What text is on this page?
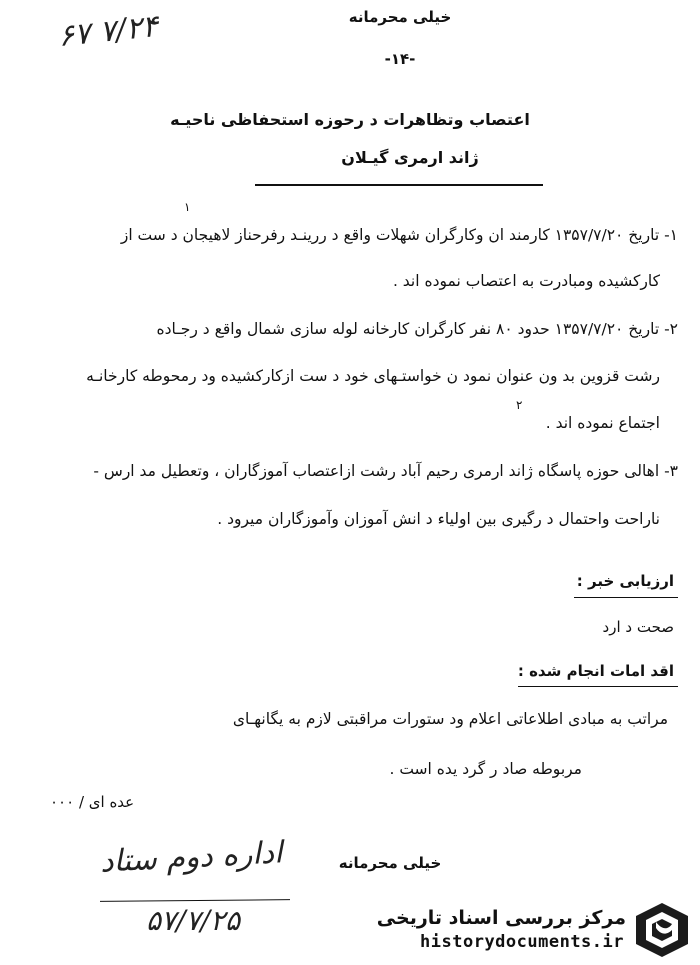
خیلی محرمانه
-۱۴-
اعتصاب وتظاهرات د رحوزه استحفاظی ناحیـه
ژاند ارمری گیـلان
۶۷ ۷/۲۴
۱
۱- تاریخ ۱۳۵۷/۷/۲۰ کارمند ان وکارگران شهلات واقع د ررینـد رفرحناز لاهیجان د ست از
کارکشیده ومبادرت به اعتصاب نموده اند .
۲- تاریخ ۱۳۵۷/۷/۲۰ حدود ۸۰ نفر کارگران کارخانه لوله سازی شمال واقع د رجـاده
رشت قزوین بد ون عنوان نمود ن خواستـهای خود د ست ازکارکشیده ود رمحوطه کارخانـه
۲
اجتماع نموده اند .
۳- اهالی حوزه پاسگاه ژاند ارمری رحیم آباد رشت ازاعتصاب آموزگاران ، وتعطیل مد ارس -
ناراحت واحتمال د رگیری بین اولیاء د انش آموزان وآموزگاران میرود .
ارزیابی خبر :
صحت د ارد
اقد امات انجام شده :
مراتب به مبادی اطلاعاتی اعلام ود ستورات مراقبتی لازم به یگانهـای
مربوطه صاد ر گرد یده است .
عده ای / ۰۰۰
اداره دوم ستاد	خیلی محرمانه
۵۷/۷/۲۵	مرکز بررسی اسناد تاریخی
historydocuments.ir
